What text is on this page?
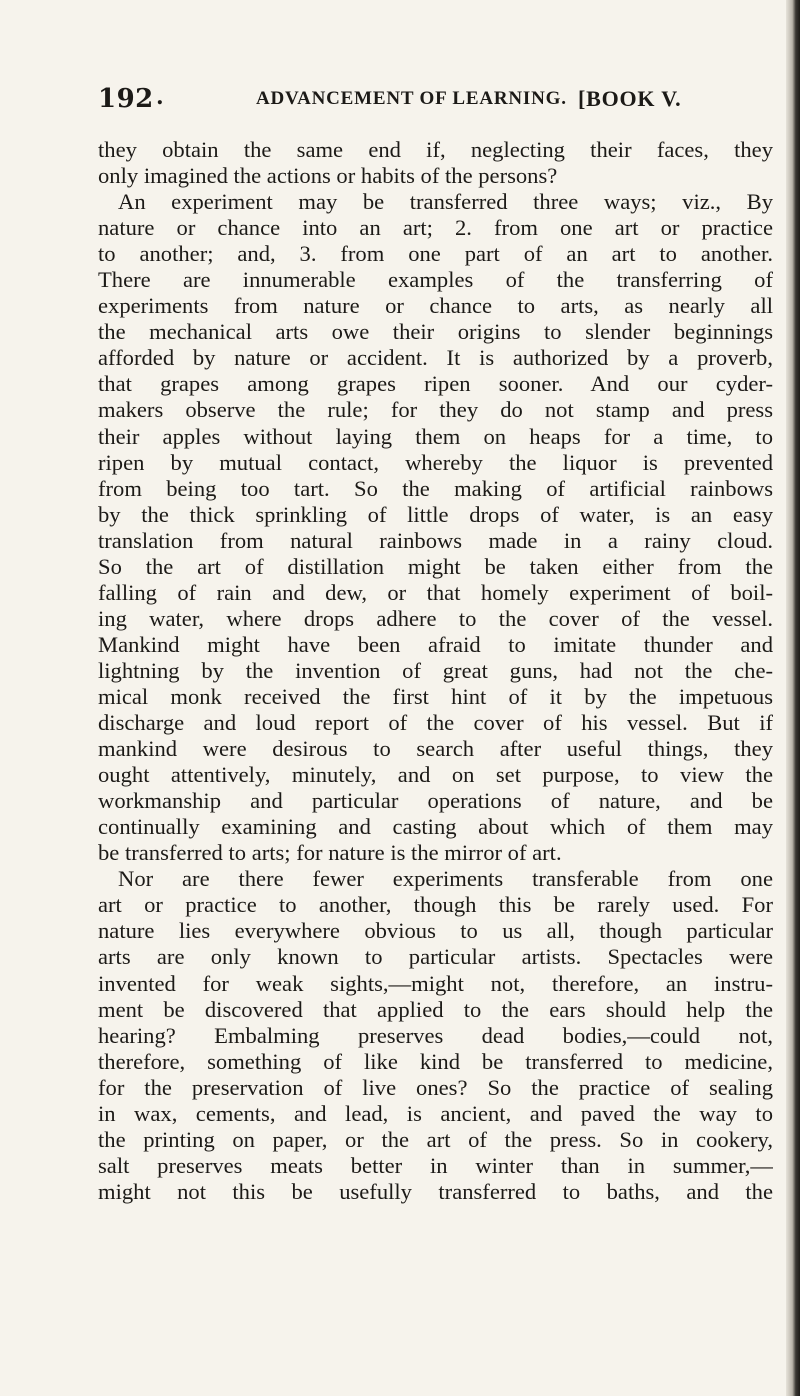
192 .	ADVANCEMENT OF LEARNING. [BOOK V.
they obtain the same end if, neglecting their faces, they
only imagined the actions or habits of the persons?
An experiment may be transferred three ways; viz., By
nature or chance into an art; 2. from one art or practice
to another; and, 3. from one part of an art to another.
There are innumerable examples of the transferring of
experiments from nature or chance to arts, as nearly all
the mechanical arts owe their origins to slender beginnings
afforded by nature or accident. It is authorized by a proverb,
that grapes among grapes ripen sooner. And our cyder-
makers observe the rule; for they do not stamp and press
their apples without laying them on heaps for a time, to
ripen by mutual contact, whereby the liquor is prevented
from being too tart. So the making of artificial rainbows
by the thick sprinkling of little drops of water, is an easy
translation from natural rainbows made in a rainy cloud.
So the art of distillation might be taken either from the
falling of rain and dew, or that homely experiment of boil-
ing water, where drops adhere to the cover of the vessel.
Mankind might have been afraid to imitate thunder and
lightning by the invention of great guns, had not the che-
mical monk received the first hint of it by the impetuous
discharge and loud report of the cover of his vessel. But if
mankind were desirous to search after useful things, they
ought attentively, minutely, and on set purpose, to view the
workmanship and particular operations of nature, and be
continually examining and casting about which of them may
be transferred to arts; for nature is the mirror of art.
Nor are there fewer experiments transferable from one
art or practice to another, though this be rarely used. For
nature lies everywhere obvious to us all, though particular
arts are only known to particular artists. Spectacles were
invented for weak sights,—might not, therefore, an instru-
ment be discovered that applied to the ears should help the
hearing? Embalming preserves dead bodies,—could not,
therefore, something of like kind be transferred to medicine,
for the preservation of live ones? So the practice of sealing
in wax, cements, and lead, is ancient, and paved the way to
the printing on paper, or the art of the press. So in cookery,
salt preserves meats better in winter than in summer,—
might not this be usefully transferred to baths, and the
